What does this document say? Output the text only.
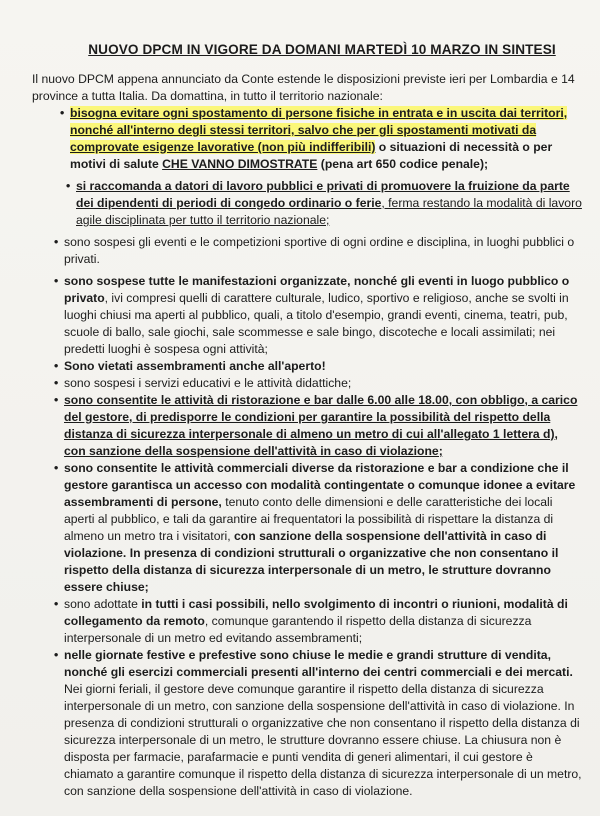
NUOVO DPCM IN VIGORE DA DOMANI MARTEDÌ 10 MARZO IN SINTESI
Il nuovo DPCM appena annunciato da Conte estende le disposizioni previste ieri per Lombardia e 14 province a tutta Italia. Da domattina, in tutto il territorio nazionale:
• bisogna evitare ogni spostamento di persone fisiche in entrata e in uscita dai territori, nonché all'interno degli stessi territori, salvo che per gli spostamenti motivati da comprovate esigenze lavorative (non più indifferibili) o situazioni di necessità o per motivi di salute CHE VANNO DIMOSTRATE (pena art 650 codice penale);
• si raccomanda a datori di lavoro pubblici e privati di promuovere la fruizione da parte dei dipendenti di periodi di congedo ordinario o ferie, ferma restando la modalità di lavoro agile disciplinata per tutto il territorio nazionale;
• sono sospesi gli eventi e le competizioni sportive di ogni ordine e disciplina, in luoghi pubblici o privati.
• sono sospese tutte le manifestazioni organizzate, nonché gli eventi in luogo pubblico o privato, ivi compresi quelli di carattere culturale, ludico, sportivo e religioso, anche se svolti in luoghi chiusi ma aperti al pubblico, quali, a titolo d'esempio, grandi eventi, cinema, teatri, pub, scuole di ballo, sale giochi, sale scommesse e sale bingo, discoteche e locali assimilati; nei predetti luoghi è sospesa ogni attività;
• Sono vietati assembramenti anche all'aperto!
• sono sospesi i servizi educativi e le attività didattiche;
• sono consentite le attività di ristorazione e bar dalle 6.00 alle 18.00, con obbligo, a carico del gestore, di predisporre le condizioni per garantire la possibilità del rispetto della distanza di sicurezza interpersonale di almeno un metro di cui all'allegato 1 lettera d), con sanzione della sospensione dell'attività in caso di violazione;
• sono consentite le attività commerciali diverse da ristorazione e bar a condizione che il gestore garantisca un accesso con modalità contingentate o comunque idonee a evitare assembramenti di persone, tenuto conto delle dimensioni e delle caratteristiche dei locali aperti al pubblico, e tali da garantire ai frequentatori la possibilità di rispettare la distanza di almeno un metro tra i visitatori, con sanzione della sospensione dell'attività in caso di violazione. In presenza di condizioni strutturali o organizzative che non consentano il rispetto della distanza di sicurezza interpersonale di un metro, le strutture dovranno essere chiuse;
• sono adottate in tutti i casi possibili, nello svolgimento di incontri o riunioni, modalità di collegamento da remoto, comunque garantendo il rispetto della distanza di sicurezza interpersonale di un metro ed evitando assembramenti;
• nelle giornate festive e prefestive sono chiuse le medie e grandi strutture di vendita, nonché gli esercizi commerciali presenti all'interno dei centri commerciali e dei mercati. Nei giorni feriali, il gestore deve comunque garantire il rispetto della distanza di sicurezza interpersonale di un metro, con sanzione della sospensione dell'attività in caso di violazione. In presenza di condizioni strutturali o organizzative che non consentano il rispetto della distanza di sicurezza interpersonale di un metro, le strutture dovranno essere chiuse. La chiusura non è disposta per farmacie, parafarmacie e punti vendita di generi alimentari, il cui gestore è chiamato a garantire comunque il rispetto della distanza di sicurezza interpersonale di un metro, con sanzione della sospensione dell'attività in caso di violazione.
